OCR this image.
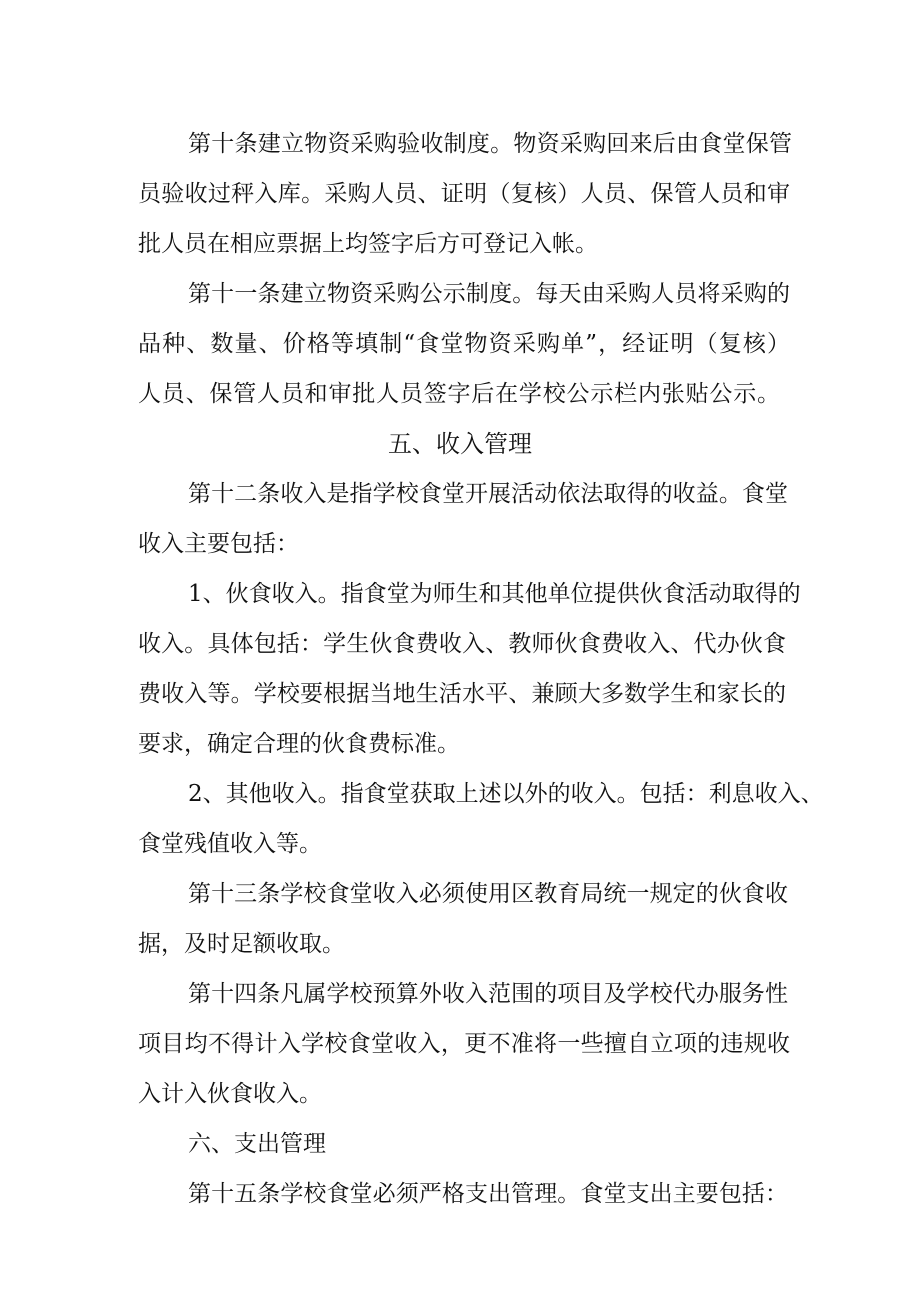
第十条建立物资采购验收制度。物资采购回来后由食堂保管
员验收过秤入库。采购人员、证明（复核）人员、保管人员和审
批人员在相应票据上均签字后方可登记入帐。
第十一条建立物资采购公示制度。每天由采购人员将采购的
品种、数量、价格等填制“食堂物资采购单”，经证明（复核）
人员、保管人员和审批人员签字后在学校公示栏内张贴公示。
五、收入管理
第十二条收入是指学校食堂开展活动依法取得的收益。食堂
收入主要包括：
1、伙食收入。指食堂为师生和其他单位提供伙食活动取得的
收入。具体包括：学生伙食费收入、教师伙食费收入、代办伙食
费收入等。学校要根据当地生活水平、兼顾大多数学生和家长的
要求，确定合理的伙食费标准。
2、其他收入。指食堂获取上述以外的收入。包括：利息收入、
食堂残值收入等。
第十三条学校食堂收入必须使用区教育局统一规定的伙食收
据，及时足额收取。
第十四条凡属学校预算外收入范围的项目及学校代办服务性
项目均不得计入学校食堂收入，更不准将一些擅自立项的违规收
入计入伙食收入。
六、支出管理
第十五条学校食堂必须严格支出管理。食堂支出主要包括：
